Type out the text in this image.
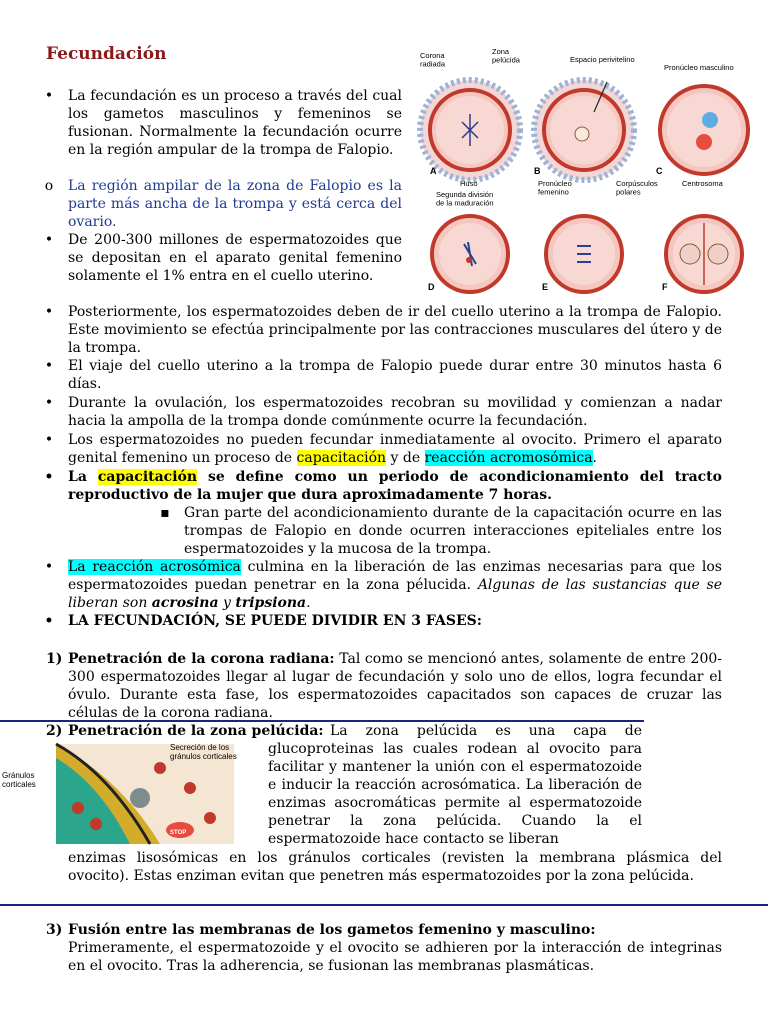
Fecundación	Corona radiada
Zona pelúcida	Espacio perivitelino
Pronúcleo masculino
Huso
Segunda división de la maduración
Pronúcleo femenino
Corpúsculos polares
Centrosoma
A	B	C
D	E	F
• La fecundación es un proceso a través del cual los gametos masculinos y femeninos se fusionan. Normalmente la fecundación ocurre en la región ampular de la trompa de Falopio.
o La región ampilar de la zona de Falopio es la parte más ancha de la trompa y está cerca del ovario.
• De 200-300 millones de espermatozoides que se depositan en el aparato genital femenino solamente el 1% entra en el cuello uterino.
• Posteriormente, los espermatozoides deben de ir del cuello uterino a la trompa de Falopio. Este movimiento se efectúa principalmente por las contracciones musculares del útero y de la trompa.
• El viaje del cuello uterino a la trompa de Falopio puede durar entre 30 minutos hasta 6 días.
• Durante la ovulación, los espermatozoides recobran su movilidad y comienzan a nadar hacia la ampolla de la trompa donde comúnmente ocurre la fecundación.
• Los espermatozoides no pueden fecundar inmediatamente al ovocito. Primero el aparato genital femenino un proceso de capacitación y de reacción acromosómica.
• La capacitación se define como un periodo de acondicionamiento del tracto reproductivo de la mujer que dura aproximadamente 7 horas.
▪ Gran parte del acondicionamiento durante de la capacitación ocurre en las trompas de Falopio en donde ocurren interacciones epiteliales entre los espermatozoides y la mucosa de la trompa.
• La reacción acrosómica culmina en la liberación de las enzimas necesarias para que los espermatozoides puedan penetrar en la zona pélucida. Algunas de las sustancias que se liberan son acrosina y tripsiona.
• LA FECUNDACIÓN, SE PUEDE DIVIDIR EN 3 FASES:
1) Penetración de la corona radiana: Tal como se mencionó antes, solamente de entre 200-300 espermatozoides llegar al lugar de fecundación y solo uno de ellos, logra fecundar el óvulo. Durante esta fase, los espermatozoides capacitados son capaces de cruzar las células de la corona radiana.
2) Penetración de la zona pelúcida: La zona pelúcida es una capa de glucoproteinas las cuales rodean al ovocito para facilitar y mantener la unión con el espermatozoide e inducir la reacción acrosómatica. La liberación de enzimas asocromáticas permite al espermatozoide penetrar la zona pelúcida. Cuando la el espermatozoide hace contacto se liberan
Gránulos corticales
Secreción de los gránulos corticales
STOP
enzimas lisosómicas en los gránulos corticales (revisten la membrana plásmica del ovocito). Estas enziman evitan que penetren más espermatozoides por la zona pelúcida.
3) Fusión entre las membranas de los gametos femenino y masculino:
Primeramente, el espermatozoide y el ovocito se adhieren por la interacción de integrinas en el ovocito. Tras la adherencia, se fusionan las membranas plasmáticas.
